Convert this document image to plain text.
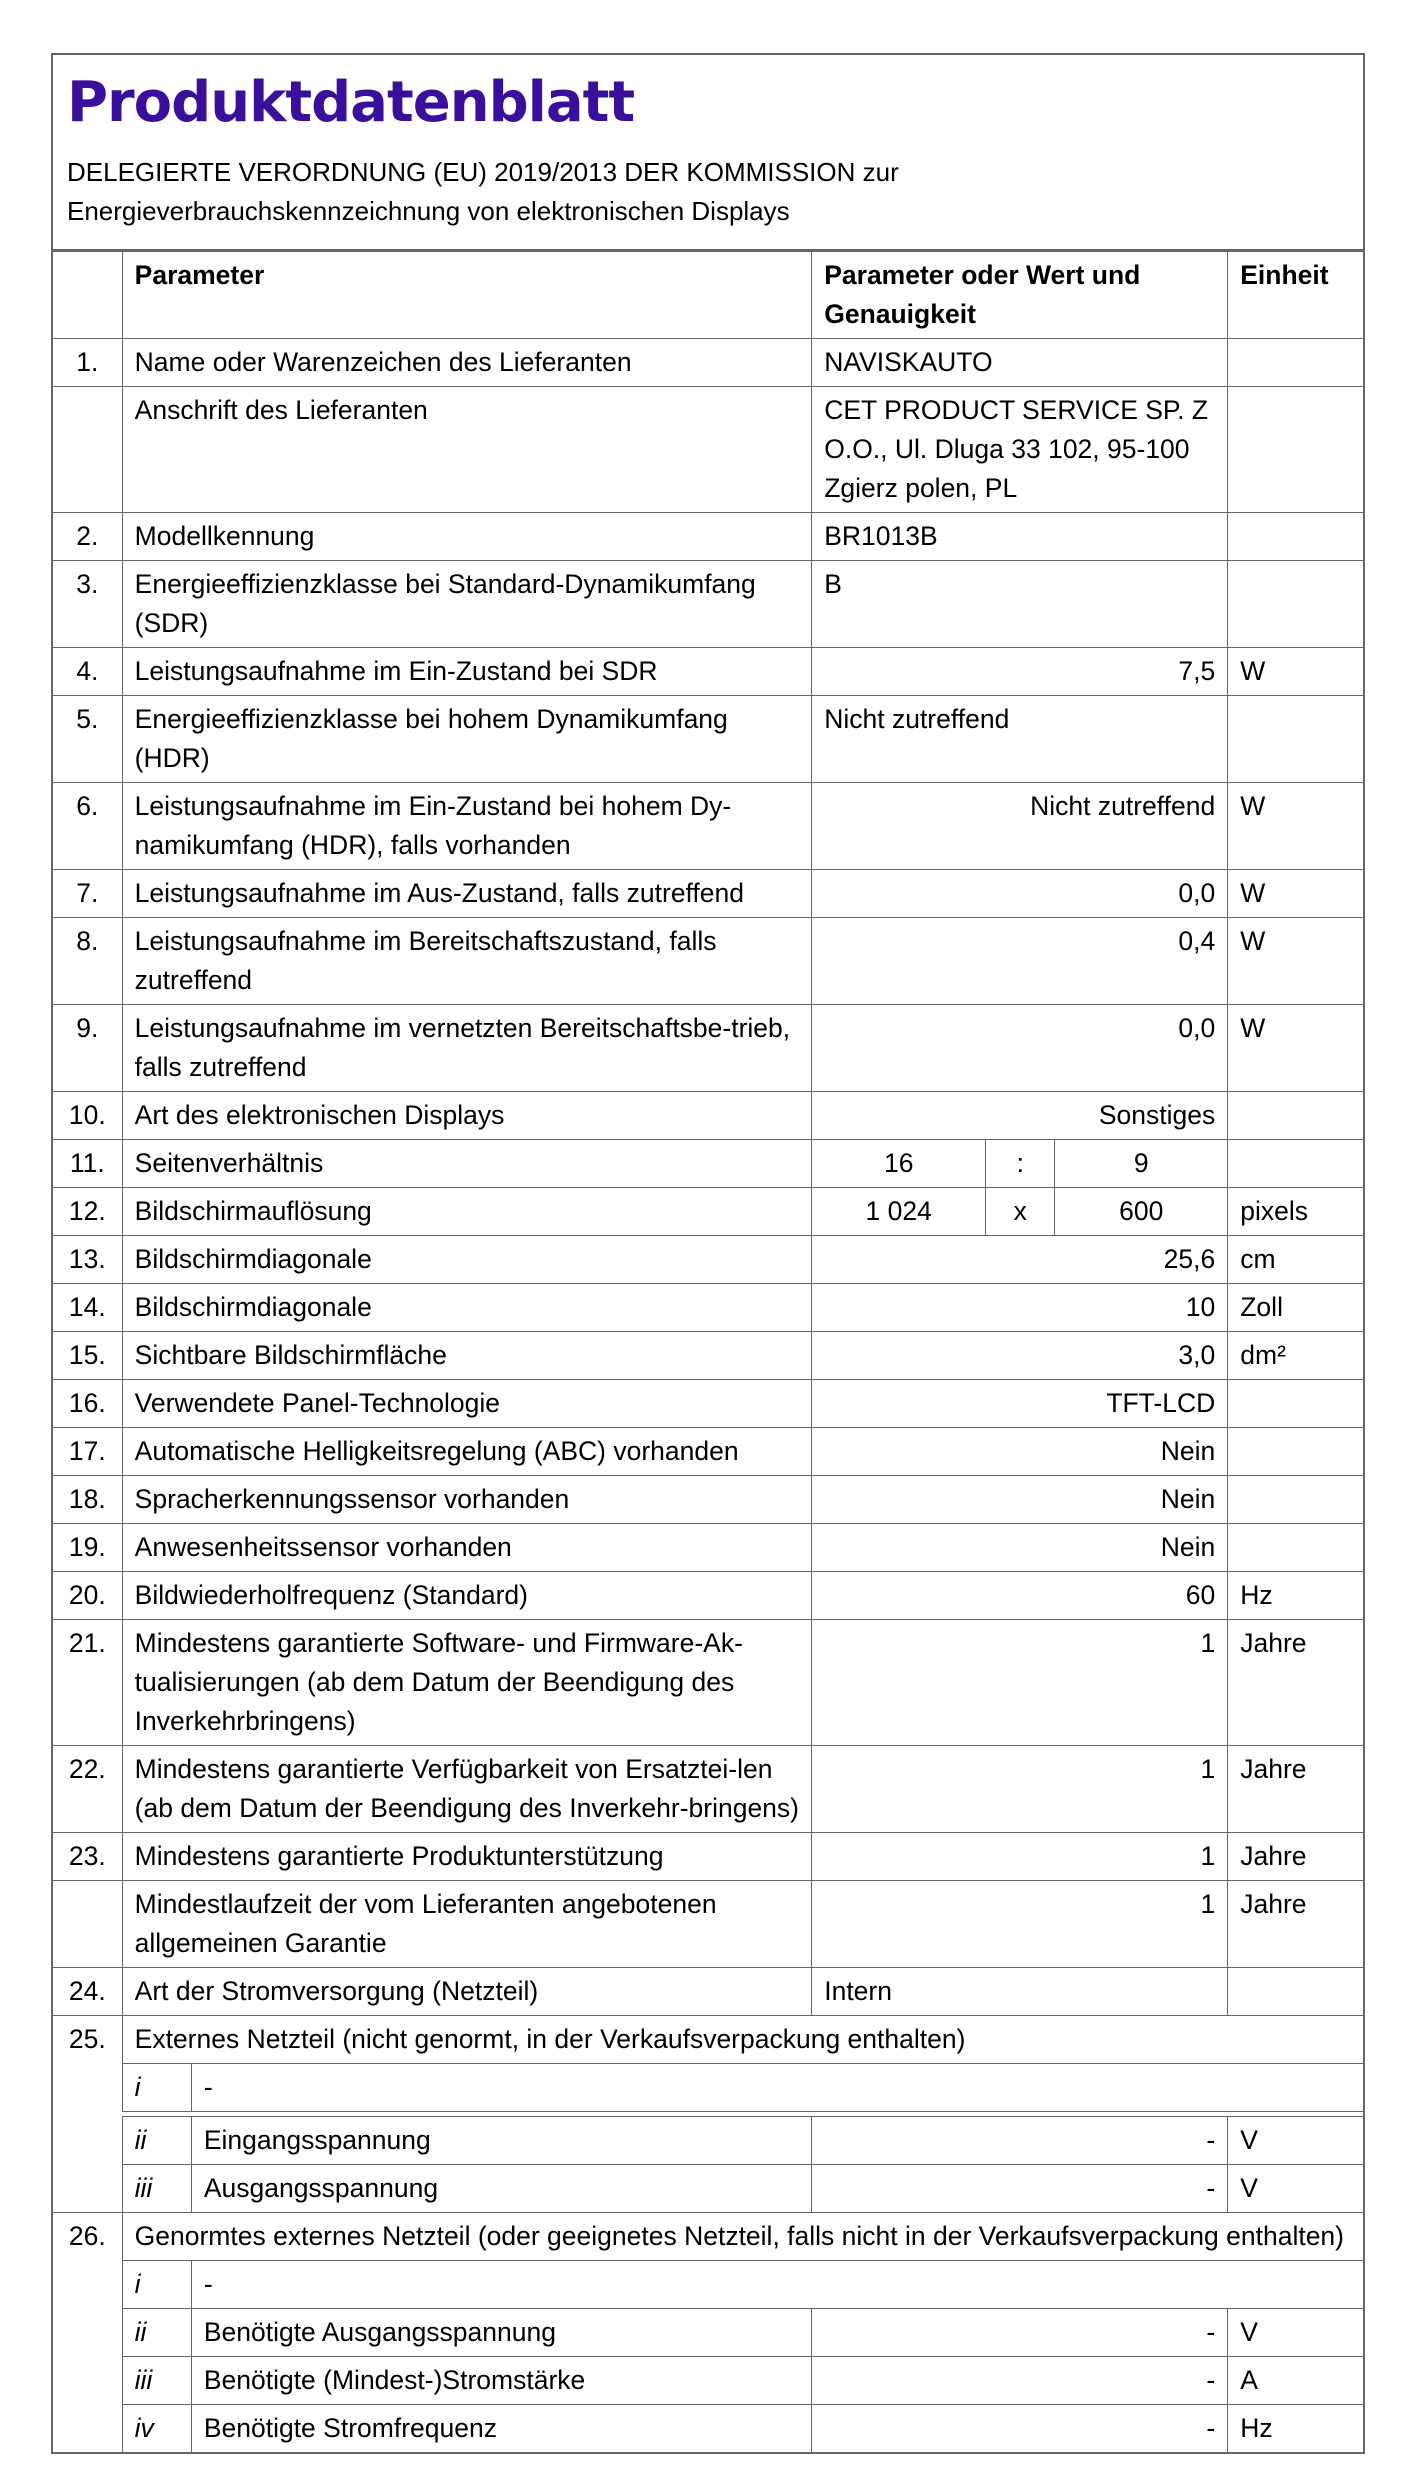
Produktdatenblatt
DELEGIERTE VERORDNUNG (EU) 2019/2013 DER KOMMISSION zur
Energieverbrauchskennzeichnung von elektronischen Displays
	Parameter		Parameter oder Wert und Genauigkeit			Einheit
1.	Name oder Warenzeichen des Lieferanten		NAVISKAUTO			
	Anschrift des Lieferanten		CET PRODUCT SERVICE SP. Z O.O., Ul. Dluga 33 102, 95-100 Zgierz polen, PL			
2.	Modellkennung		BR1013B			
3.	Energieeffizienzklasse bei Standard-Dynamikumfang (SDR)		B			
4.	Leistungsaufnahme im Ein-Zustand bei SDR		7,5			W
5.	Energieeffizienzklasse bei hohem Dynamikumfang (HDR)		Nicht zutreffend			
6.	Leistungsaufnahme im Ein-Zustand bei hohem Dy-namikumfang (HDR), falls vorhanden		Nicht zutreffend			W
7.	Leistungsaufnahme im Aus-Zustand, falls zutreffend		0,0			W
8.	Leistungsaufnahme im Bereitschaftszustand, falls zutreffend		0,4			W
9.	Leistungsaufnahme im vernetzten Bereitschaftsbe-trieb, falls zutreffend		0,0			W
10.	Art des elektronischen Displays		Sonstiges			
11.	Seitenverhältnis		16	:	9	
12.	Bildschirmauflösung		1 024	x	600	pixels
13.	Bildschirmdiagonale		25,6			cm
14.	Bildschirmdiagonale		10			Zoll
15.	Sichtbare Bildschirmfläche		3,0			dm²
16.	Verwendete Panel-Technologie		TFT-LCD			
17.	Automatische Helligkeitsregelung (ABC) vorhanden		Nein			
18.	Spracherkennungssensor vorhanden		Nein			
19.	Anwesenheitssensor vorhanden		Nein			
20.	Bildwiederholfrequenz (Standard)		60			Hz
21.	Mindestens garantierte Software- und Firmware-Ak-tualisierungen (ab dem Datum der Beendigung des Inverkehrbringens)		1			Jahre
22.	Mindestens garantierte Verfügbarkeit von Ersatztei-len (ab dem Datum der Beendigung des Inverkehr-bringens)		1			Jahre
23.	Mindestens garantierte Produktunterstützung		1			Jahre
	Mindestlaufzeit der vom Lieferanten angebotenen allgemeinen Garantie		1			Jahre
24.	Art der Stromversorgung (Netzteil)		Intern			
25.	Externes Netzteil (nicht genormt, in der Verkaufsverpackung enthalten)					
	i	-				

	ii	Eingangsspannung	-			V
	iii	Ausgangsspannung	-			V
26.	Genormtes externes Netzteil (oder geeignetes Netzteil, falls nicht in der Verkaufsverpackung enthalten)					
	i	-				
	ii	Benötigte Ausgangsspannung	-			V
	iii	Benötigte (Mindest-)Stromstärke	-			A
	iv	Benötigte Stromfrequenz	-			Hz
